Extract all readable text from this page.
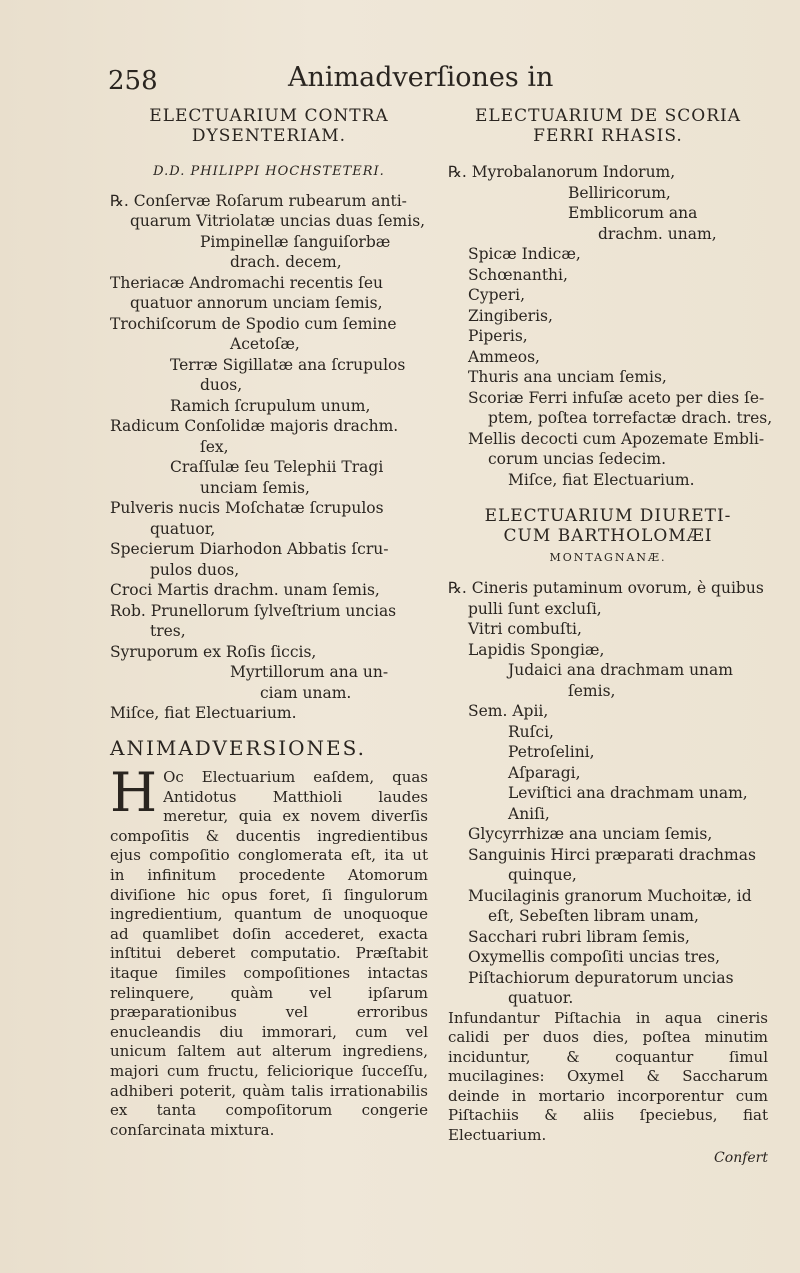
258	Animadverſiones in
ELECTUARIUM CONTRA
DYSENTERIAM.
D.D. PHILIPPI HOCHSTETERI.
℞. Conſervæ Roſarum rubearum anti-
quarum Vitriolatæ uncias duas ſemis,
Pimpinellæ ſanguiſorbæ
drach. decem,
Theriacæ Andromachi recentis ſeu
quatuor annorum unciam ſemis,
Trochiſcorum de Spodio cum ſemine
Acetoſæ,
Terræ Sigillatæ ana ſcrupulos
duos,
Ramich ſcrupulum unum,
Radicum Conſolidæ majoris drachm.
ſex,
Craſſulæ ſeu Telephii Tragi
unciam ſemis,
Pulveris nucis Moſchatæ ſcrupulos
quatuor,
Specierum Diarhodon Abbatis ſcru-
pulos duos,
Croci Martis drachm. unam ſemis,
Rob. Prunellorum ſylveſtrium uncias
tres,
Syruporum ex Roſis ſiccis,
Myrtillorum ana un-
ciam unam.
Miſce, fiat Electuarium.
ANIMADVERSIONES.
H Oc Electuarium eaſdem, quas Antidotus Matthioli laudes meretur, quia ex novem diverſis compoſitis & ducentis ingredientibus ejus compoſitio conglomerata eſt, ita ut in infinitum procedente Atomorum diviſione hic opus foret, ſi ſingulorum ingredientium, quantum de unoquoque ad quamlibet doſin accederet, exacta inſtitui deberet computatio. Præſtabit itaque ſimiles compoſitiones intactas relinquere, quàm vel ipſarum præparationibus vel erroribus enucleandis diu immorari, cum vel unicum ſaltem aut alterum ingrediens, majori cum fructu, feliciorique ſucceſſu, adhiberi poterit, quàm talis irrationabilis ex tanta compoſitorum congerie conſarcinata mixtura.
ELECTUARIUM DE SCORIA
FERRI RHASIS.
℞. Myrobalanorum Indorum,
Belliricorum,
Emblicorum ana
drachm. unam,
Spicæ Indicæ,
Schœnanthi,
Cyperi,
Zingiberis,
Piperis,
Ammeos,
Thuris ana unciam ſemis,
Scoriæ Ferri infuſæ aceto per dies ſe-
ptem, poſtea torrefactæ drach. tres,
Mellis decocti cum Apozemate Embli-
corum uncias ſedecim.
Miſce, fiat Electuarium.
ELECTUARIUM DIURETI-
CUM BARTHOLOMÆI
MONTAGNANÆ.
℞. Cineris putaminum ovorum, è quibus
pulli ſunt excluſi,
Vitri combuſti,
Lapidis Spongiæ,
Judaici ana drachmam unam
ſemis,
Sem. Apii,
Ruſci,
Petroſelini,
Aſparagi,
Leviſtici ana drachmam unam,
Aniſi,
Glycyrrhizæ ana unciam ſemis,
Sanguinis Hirci præparati drachmas
quinque,
Mucilaginis granorum Muchoitæ, id
eſt, Sebeſten libram unam,
Sacchari rubri libram ſemis,
Oxymellis compoſiti uncias tres,
Piſtachiorum depuratorum uncias
quatuor.
Infundantur Piſtachia in aqua cineris calidi per duos dies, poſtea minutim inciduntur, & coquantur ſimul mucilagines: Oxymel & Saccharum deinde in mortario incorporentur cum Piſtachiis & aliis ſpeciebus, fiat Electuarium.
Confert
